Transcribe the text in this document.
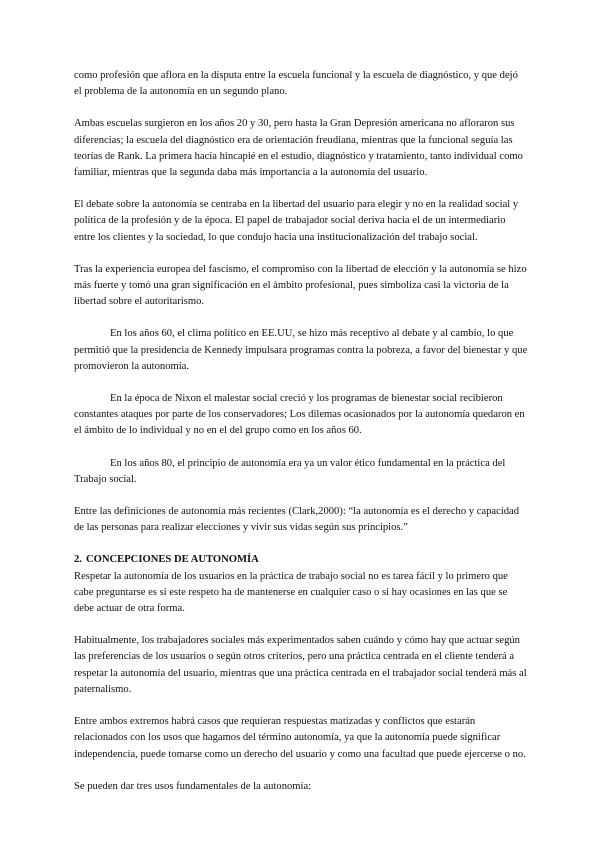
como profesión que aflora en la disputa entre la escuela funcional y la escuela de diagnóstico, y que dejó el problema de la autonomía en un segundo plano.

Ambas escuelas surgieron en los años 20 y 30, pero hasta la Gran Depresión americana no afloraron sus diferencias; la escuela del diagnóstico era de orientación freudiana, mientras que la funcional seguía las teorías de Rank. La primera hacía hincapié en el estudio, diagnóstico y tratamiento, tanto individual como familiar, mientras que la segunda daba más importancia a la autonomía del usuario.

El debate sobre la autonomía se centraba en la libertad del usuario para elegir y no en la realidad social y política de la profesión y de la época. El papel de trabajador social deriva hacia el de un intermediario entre los clientes y la sociedad, lo que condujo hacia una institucionalización del trabajo social.

Tras la experiencia europea del fascismo, el compromiso con la libertad de elección y la autonomía se hizo más fuerte y tomó una gran significación en el ámbito profesional, pues simboliza casi la victoria de la libertad sobre el autoritarismo.

En los años 60, el clima político en EE.UU, se hizo más receptivo al debate y al cambio, lo que permitió que la presidencia de Kennedy impulsara programas contra la pobreza, a favor del bienestar y que promovieron la autonomía.

En la época de Nixon el malestar social creció y los programas de bienestar social recibieron constantes ataques por parte de los conservadores; Los dilemas ocasionados por la autonomía quedaron en el ámbito de lo individual y no en el del grupo como en los años 60.

En los años 80, el principio de autonomía era ya un valor ético fundamental en la práctica del Trabajo social.

Entre las definiciones de autonomía más recientes (Clark,2000): “la autonomía es el derecho y capacidad de las personas para realizar elecciones y vivir sus vidas según sus principios.”

2. CONCEPCIONES DE AUTONOMÍA

Respetar la autonomía de los usuarios en la práctica de trabajo social no es tarea fácil y lo primero que cabe preguntarse es si este respeto ha de mantenerse en cualquier caso o si hay ocasiones en las que se debe actuar de otra forma.

Habitualmente, los trabajadores sociales más experimentados saben cuándo y cómo hay que actuar según las preferencias de los usuarios o según otros criterios, pero una práctica centrada en el cliente tenderá a respetar la autonomía del usuario, mientras que una práctica centrada en el trabajador social tenderá más al paternalismo.

Entre ambos extremos habrá casos que requieran respuestas matizadas y conflictos que estarán relacionados con los usos que hagamos del término autonomía, ya que la autonomía puede significar independencia, puede tomarse como un derecho del usuario y como una facultad que puede ejercerse o no.

Se pueden dar tres usos fundamentales de la autonomía:
